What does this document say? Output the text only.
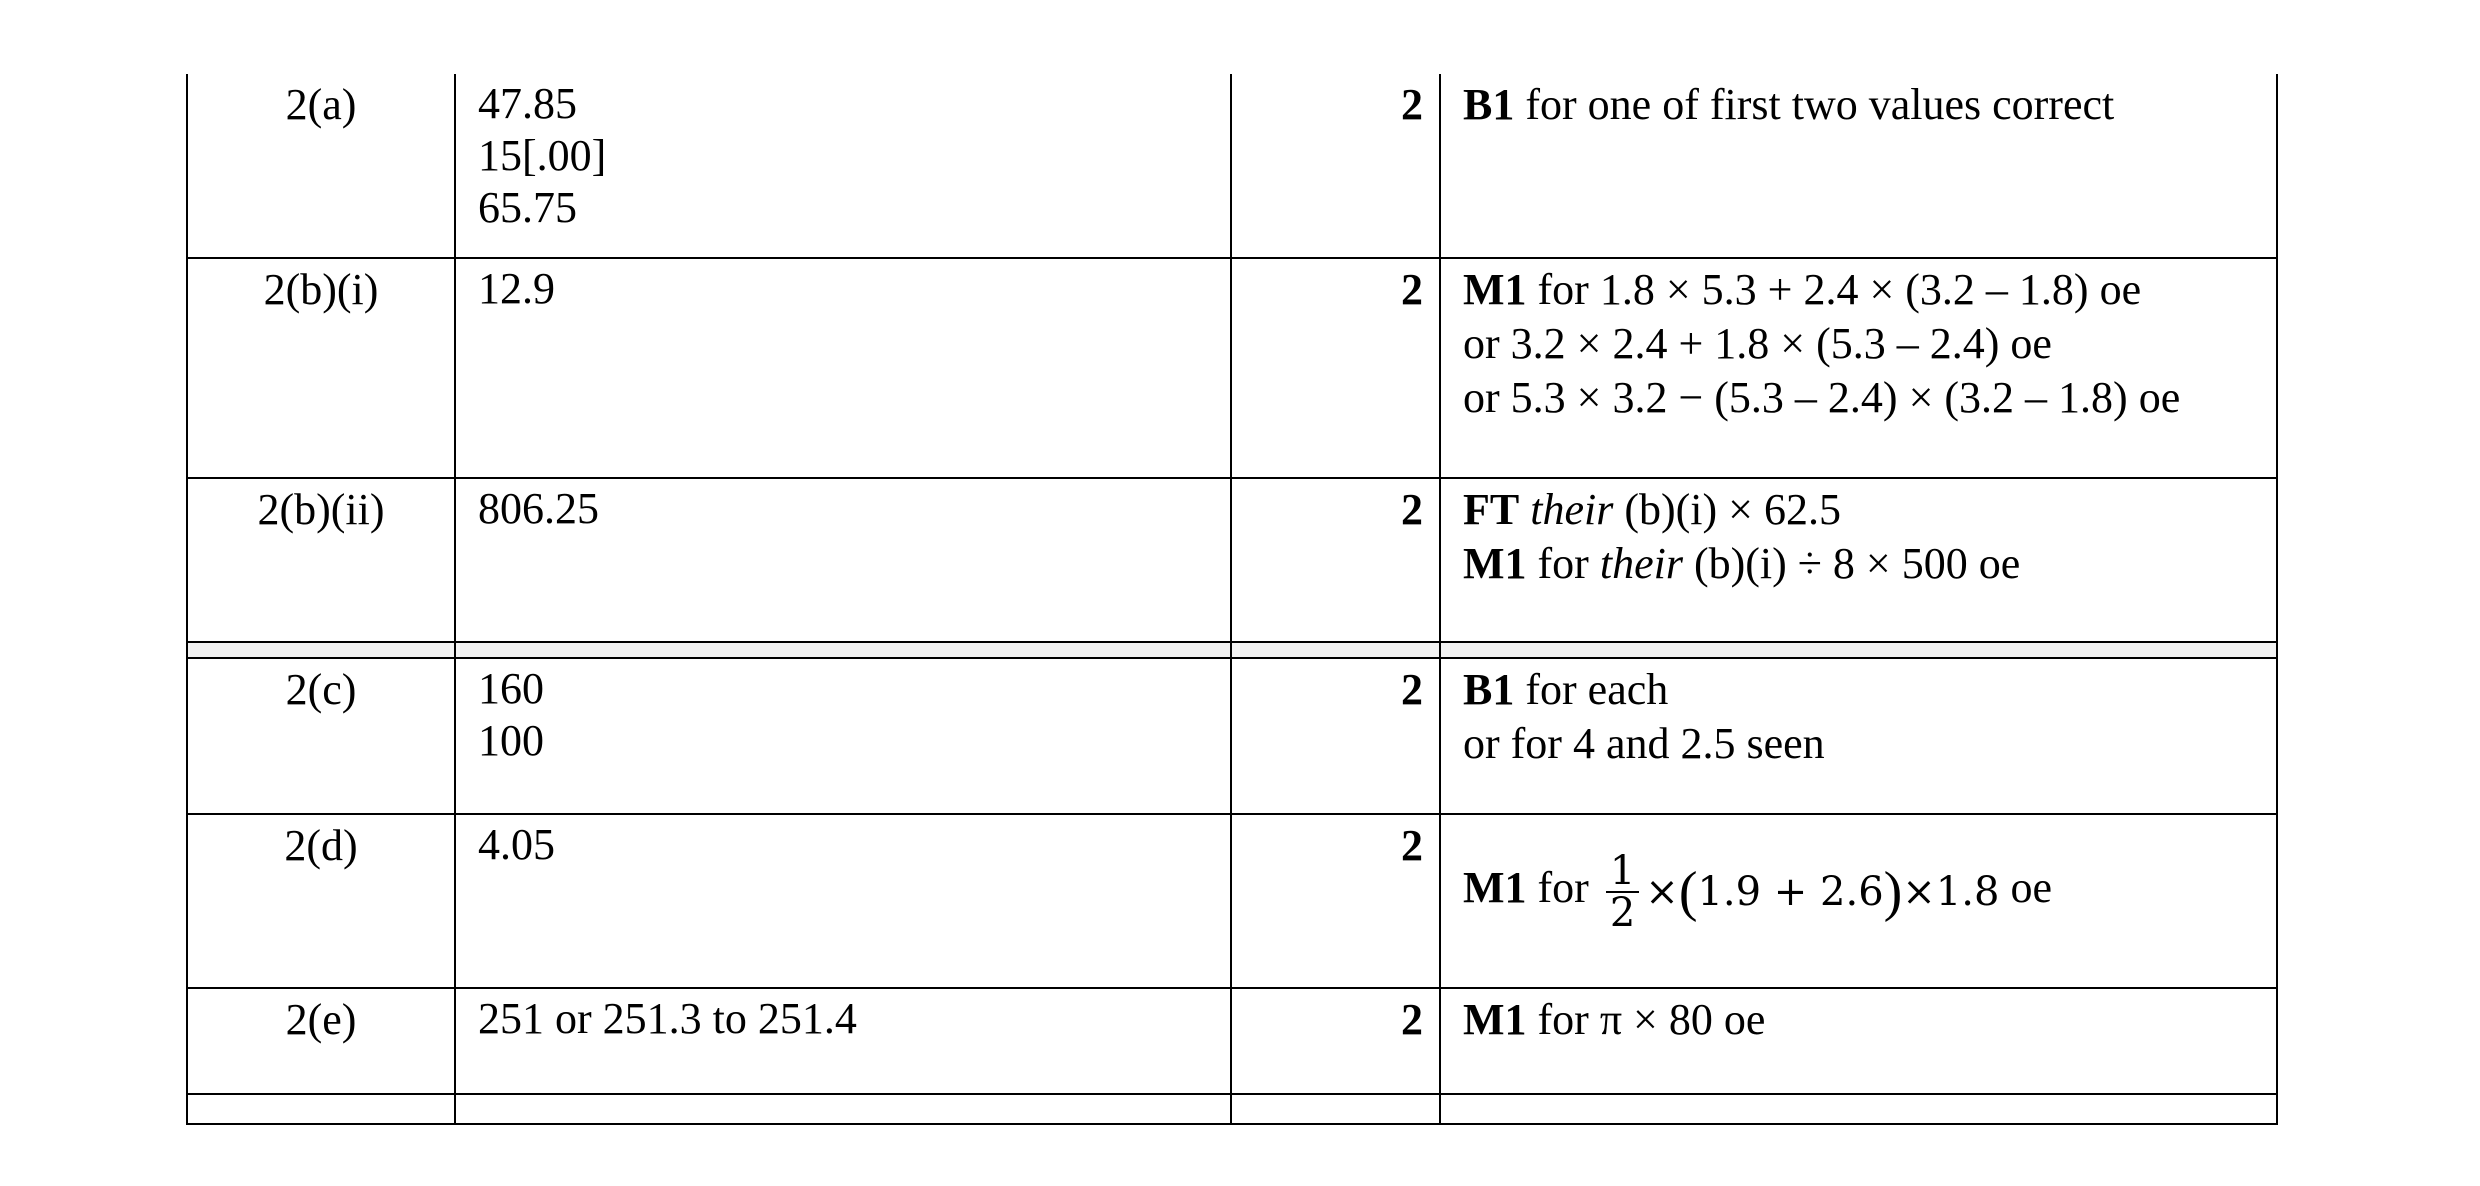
2(a)	47.85
15[.00]
65.75	2	B1 for one of first two values correct

2(b)(i)	12.9	2	M1 for 1.8 × 5.3 + 2.4 × (3.2 – 1.8) oe
or 3.2 × 2.4 + 1.8 × (5.3 – 2.4) oe
or 5.3 × 3.2 − (5.3 – 2.4) × (3.2 – 1.8) oe

2(b)(ii)	806.25	2	FT their (b)(i) × 62.5
M1 for their (b)(i) ÷ 8 × 500 oe

2(c)	160
100	2	B1 for each
or for 4 and 2.5 seen

2(d)	4.05	2	M1 for $\frac{1}{2} \times(1.9 + 2.6)\times 1.8$ oe

2(e)	251 or 251.3 to 251.4	2	M1 for π × 80 oe
